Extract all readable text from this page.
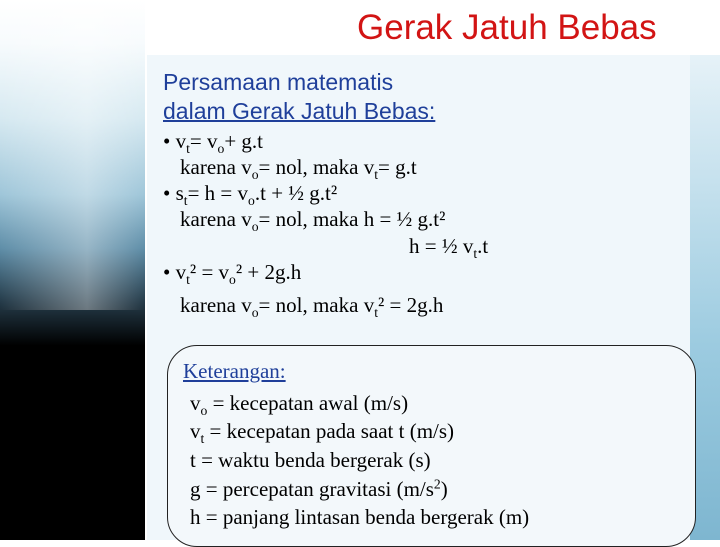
Gerak Jatuh Bebas
Persamaan matematis
dalam Gerak Jatuh Bebas:
• $v_t= v_o+ g.t$
karena $v_o=$ nol, maka $v_t= g.t$
• $s_t= h = v_o.t$ + ½ g.t²
karena $v_o=$ nol, maka h = ½ g.t²
h = ½ $v_t.t$
• $v_t^2 = v_o^2 + 2g.h$
karena $v_o=$ nol, maka $v_t^2 = 2g.h$
Keterangan:
$v_o$ = kecepatan awal (m/s)
$v_t$ = kecepatan pada saat t (m/s)
t = waktu benda bergerak (s)
g = percepatan gravitasi $(m/s^2)$
h = panjang lintasan benda bergerak (m)
